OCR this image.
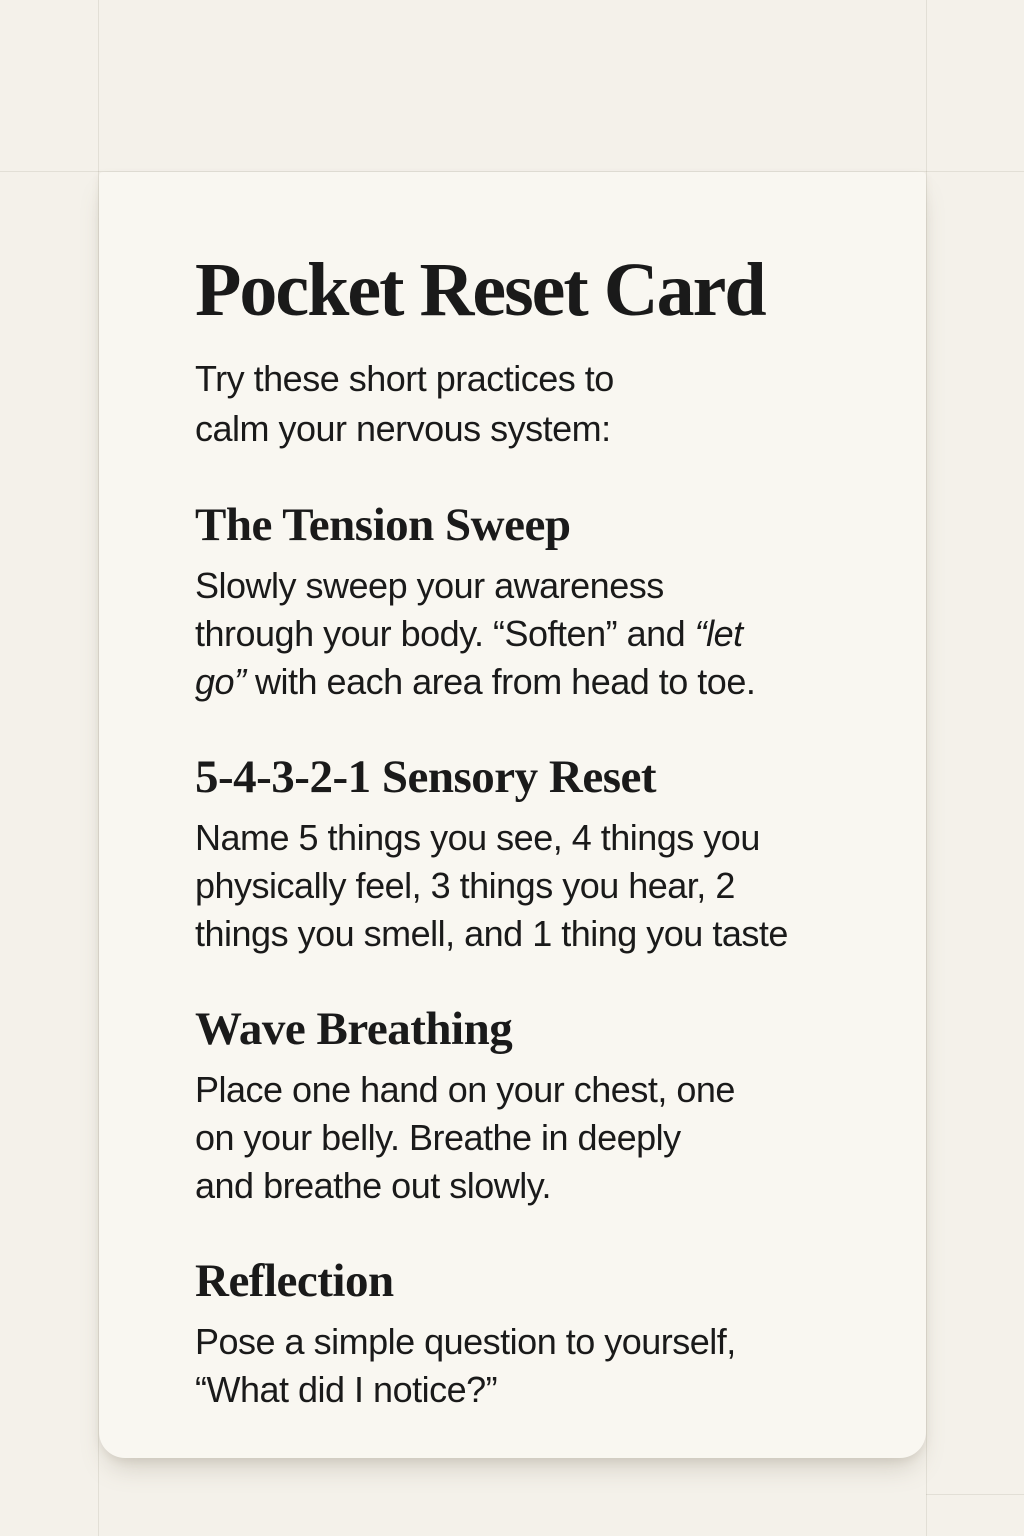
Pocket Reset Card

Try these short practices to
calm your nervous system:

The Tension Sweep

Slowly sweep your awareness
through your body. “Soften” and “let
go” with each area from head to toe.

5-4-3-2-1 Sensory Reset

Name 5 things you see, 4 things you
physically feel, 3 things you hear, 2
things you smell, and 1 thing you taste

Wave Breathing

Place one hand on your chest, one
on your belly. Breathe in deeply
and breathe out slowly.

Reflection

Pose a simple question to yourself,
“What did I notice?”
